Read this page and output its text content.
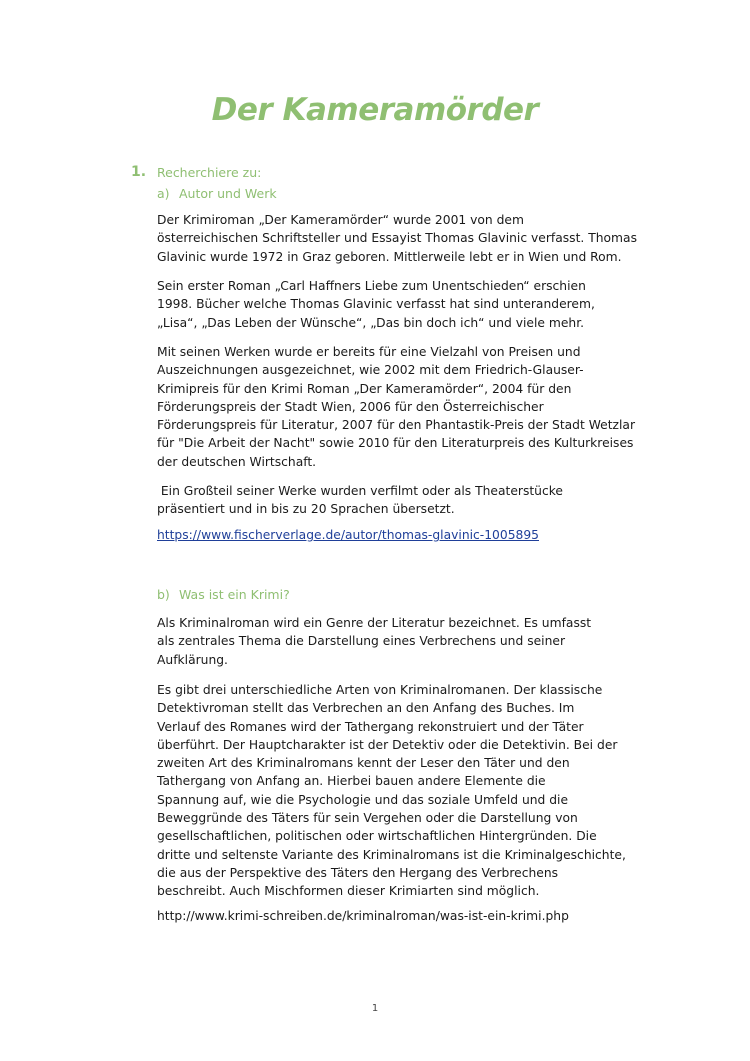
Der Kameramörder
1. Recherchiere zu:
a) Autor und Werk
Der Krimiroman „Der Kameramörder“ wurde 2001 von dem
österreichischen Schriftsteller und Essayist Thomas Glavinic verfasst. Thomas
Glavinic wurde 1972 in Graz geboren. Mittlerweile lebt er in Wien und Rom.
Sein erster Roman „Carl Haffners Liebe zum Unentschieden“ erschien
1998. Bücher welche Thomas Glavinic verfasst hat sind unteranderem,
„Lisa“, „Das Leben der Wünsche“, „Das bin doch ich“ und viele mehr.
Mit seinen Werken wurde er bereits für eine Vielzahl von Preisen und
Auszeichnungen ausgezeichnet, wie 2002 mit dem Friedrich-Glauser-
Krimipreis für den Krimi Roman „Der Kameramörder“, 2004 für den
Förderungspreis der Stadt Wien, 2006 für den Österreichischer
Förderungspreis für Literatur, 2007 für den Phantastik-Preis der Stadt Wetzlar
für "Die Arbeit der Nacht" sowie 2010 für den Literaturpreis des Kulturkreises
der deutschen Wirtschaft.
Ein Großteil seiner Werke wurden verfilmt oder als Theaterstücke
präsentiert und in bis zu 20 Sprachen übersetzt.
https://www.fischerverlage.de/autor/thomas-glavinic-1005895
b) Was ist ein Krimi?
Als Kriminalroman wird ein Genre der Literatur bezeichnet. Es umfasst
als zentrales Thema die Darstellung eines Verbrechens und seiner
Aufklärung.
Es gibt drei unterschiedliche Arten von Kriminalromanen. Der klassische
Detektivroman stellt das Verbrechen an den Anfang des Buches. Im
Verlauf des Romanes wird der Tathergang rekonstruiert und der Täter
überführt. Der Hauptcharakter ist der Detektiv oder die Detektivin. Bei der
zweiten Art des Kriminalromans kennt der Leser den Täter und den
Tathergang von Anfang an. Hierbei bauen andere Elemente die
Spannung auf, wie die Psychologie und das soziale Umfeld und die
Beweggründe des Täters für sein Vergehen oder die Darstellung von
gesellschaftlichen, politischen oder wirtschaftlichen Hintergründen. Die
dritte und seltenste Variante des Kriminalromans ist die Kriminalgeschichte,
die aus der Perspektive des Täters den Hergang des Verbrechens
beschreibt. Auch Mischformen dieser Krimiarten sind möglich.
http://www.krimi-schreiben.de/kriminalroman/was-ist-ein-krimi.php
1
